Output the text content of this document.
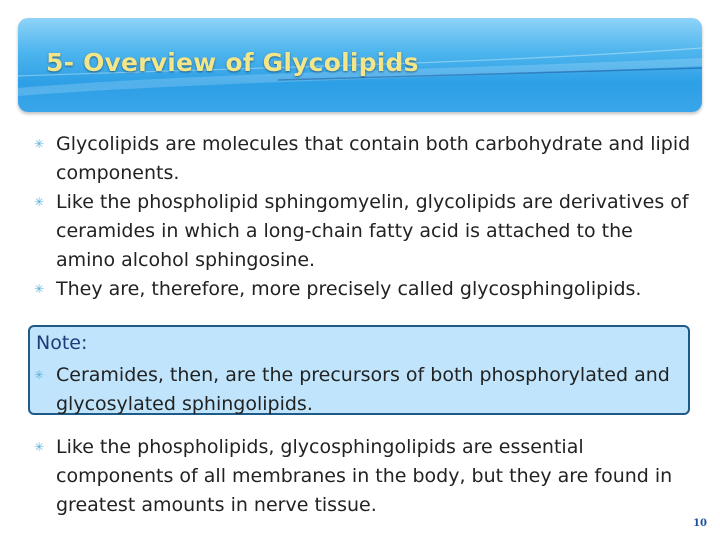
5- Overview of Glycolipids
✳ Glycolipids are molecules that contain both carbohydrate and lipid components.
✳ Like the phospholipid sphingomyelin, glycolipids are derivatives of ceramides in which a long-chain fatty acid is attached to the amino alcohol sphingosine.
✳ They are, therefore, more precisely called glycosphingolipids.
Note:
✳ Ceramides, then, are the precursors of both phosphorylated and glycosylated sphingolipids.
✳ Like the phospholipids, glycosphingolipids are essential components of all membranes in the body, but they are found in greatest amounts in nerve tissue.
10
